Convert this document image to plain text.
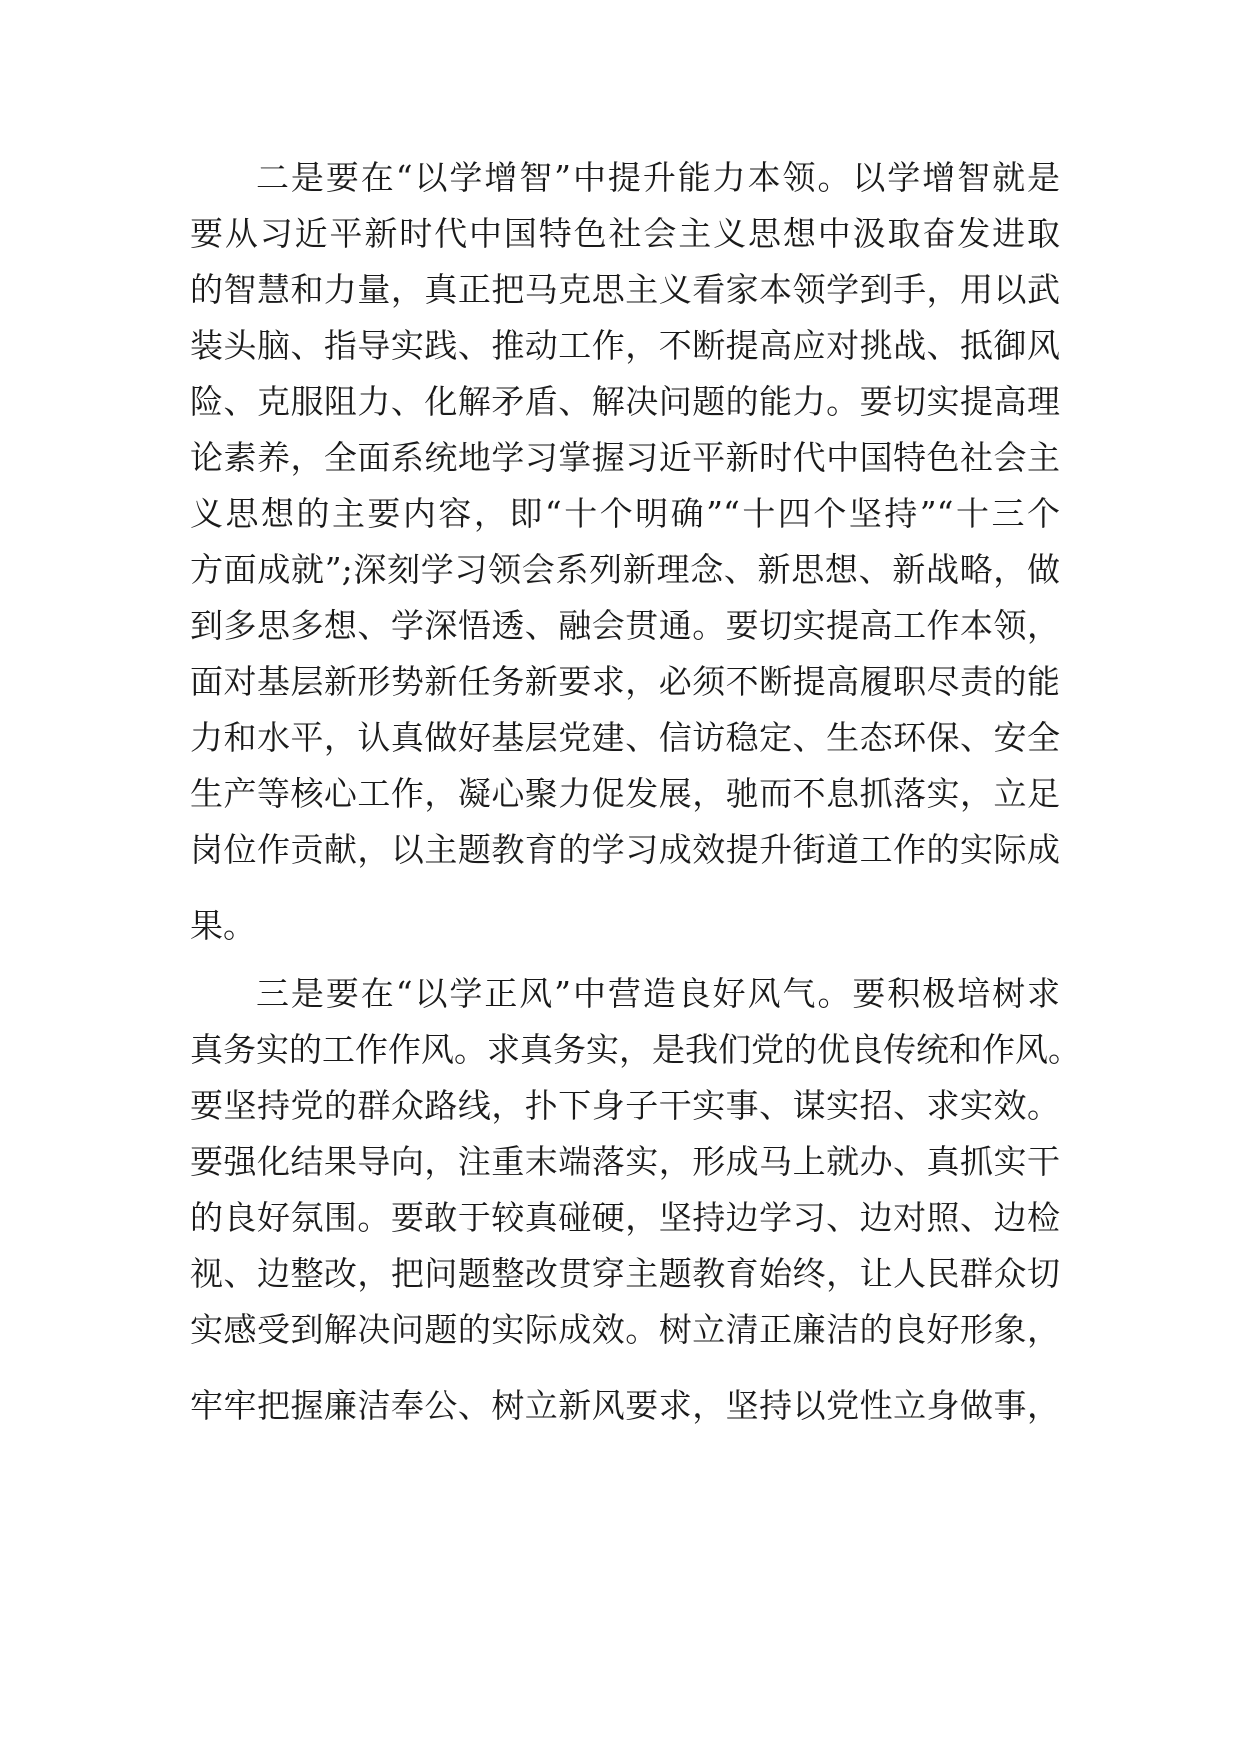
二是要在“以学增智”中提升能力本领。以学增智就是
要从习近平新时代中国特色社会主义思想中汲取奋发进取
的智慧和力量，真正把马克思主义看家本领学到手，用以武
装头脑、指导实践、推动工作，不断提高应对挑战、抵御风
险、克服阻力、化解矛盾、解决问题的能力。要切实提高理
论素养，全面系统地学习掌握习近平新时代中国特色社会主
义思想的主要内容，即“十个明确”“十四个坚持”“十三个
方面成就”;深刻学习领会系列新理念、新思想、新战略，做
到多思多想、学深悟透、融会贯通。要切实提高工作本领，
面对基层新形势新任务新要求，必须不断提高履职尽责的能
力和水平，认真做好基层党建、信访稳定、生态环保、安全
生产等核心工作，凝心聚力促发展，驰而不息抓落实，立足
岗位作贡献，以主题教育的学习成效提升街道工作的实际成
果。
三是要在“以学正风”中营造良好风气。要积极培树求
真务实的工作作风。求真务实，是我们党的优良传统和作风。
要坚持党的群众路线，扑下身子干实事、谋实招、求实效。
要强化结果导向，注重末端落实，形成马上就办、真抓实干
的良好氛围。要敢于较真碰硬，坚持边学习、边对照、边检
视、边整改，把问题整改贯穿主题教育始终，让人民群众切
实感受到解决问题的实际成效。树立清正廉洁的良好形象，
牢牢把握廉洁奉公、树立新风要求，坚持以党性立身做事，
